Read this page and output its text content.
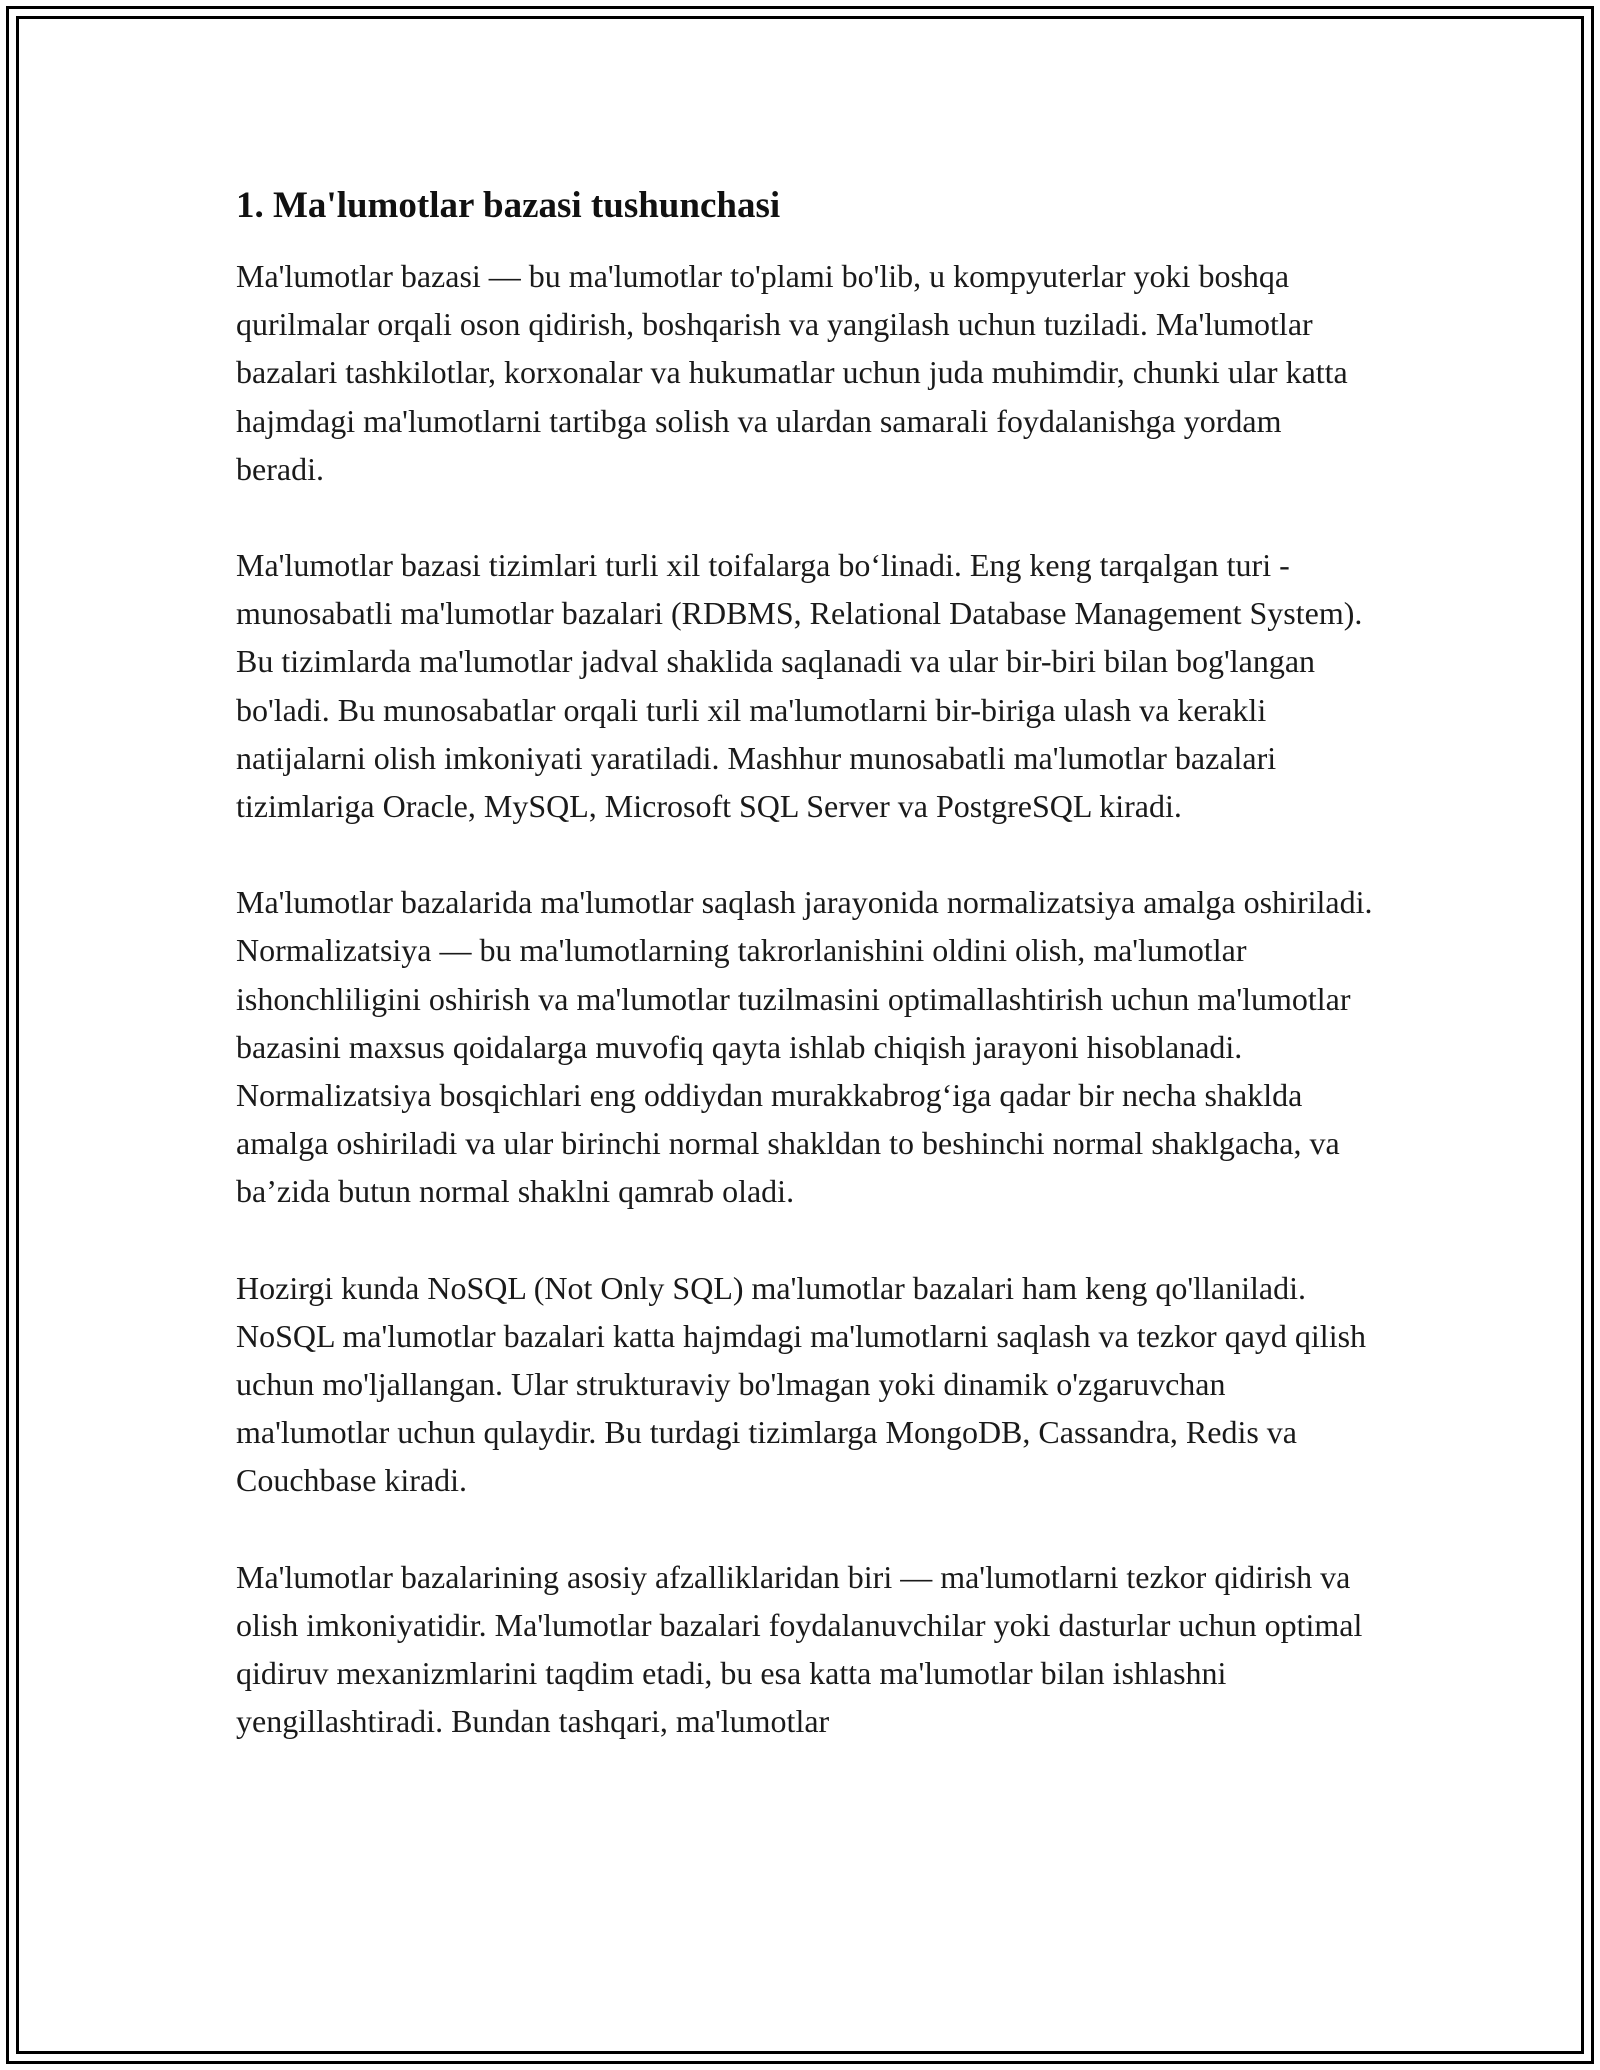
1. Ma'lumotlar bazasi tushunchasi

Ma'lumotlar bazasi — bu ma'lumotlar to'plami bo'lib, u kompyuterlar yoki boshqa qurilmalar orqali oson qidirish, boshqarish va yangilash uchun tuziladi. Ma'lumotlar bazalari tashkilotlar, korxonalar va hukumatlar uchun juda muhimdir, chunki ular katta hajmdagi ma'lumotlarni tartibga solish va ulardan samarali foydalanishga yordam beradi.

Ma'lumotlar bazasi tizimlari turli xil toifalarga bo‘linadi. Eng keng tarqalgan turi - munosabatli ma'lumotlar bazalari (RDBMS, Relational Database Management System). Bu tizimlarda ma'lumotlar jadval shaklida saqlanadi va ular bir-biri bilan bog'langan bo'ladi. Bu munosabatlar orqali turli xil ma'lumotlarni bir-biriga ulash va kerakli natijalarni olish imkoniyati yaratiladi. Mashhur munosabatli ma'lumotlar bazalari tizimlariga Oracle, MySQL, Microsoft SQL Server va PostgreSQL kiradi.

Ma'lumotlar bazalarida ma'lumotlar saqlash jarayonida normalizatsiya amalga oshiriladi. Normalizatsiya — bu ma'lumotlarning takrorlanishini oldini olish, ma'lumotlar ishonchliligini oshirish va ma'lumotlar tuzilmasini optimallashtirish uchun ma'lumotlar bazasini maxsus qoidalarga muvofiq qayta ishlab chiqish jarayoni hisoblanadi. Normalizatsiya bosqichlari eng oddiydan murakkabrog‘iga qadar bir necha shakldа amalga oshiriladi va ular birinchi normal shakldan to beshinchi normal shaklgacha, va ba’zida butun normal shaklni qamrab oladi.

Hozirgi kunda NoSQL (Not Only SQL) ma'lumotlar bazalari ham keng qo'llaniladi. NoSQL ma'lumotlar bazalari katta hajmdagi ma'lumotlarni saqlash va tezkor qayd qilish uchun mo'ljallangan. Ular strukturaviy bo'lmagan yoki dinamik o'zgaruvchan ma'lumotlar uchun qulaydir. Bu turdagi tizimlarga MongoDB, Cassandra, Redis va Couchbase kiradi.

Ma'lumotlar bazalarining asosiy afzalliklaridan biri — ma'lumotlarni tezkor qidirish va olish imkoniyatidir. Ma'lumotlar bazalari foydalanuvchilar yoki dasturlar uchun optimal qidiruv mexanizmlarini taqdim etadi, bu esa katta ma'lumotlar bilan ishlashni yengillashtiradi. Bundan tashqari, ma'lumotlar
